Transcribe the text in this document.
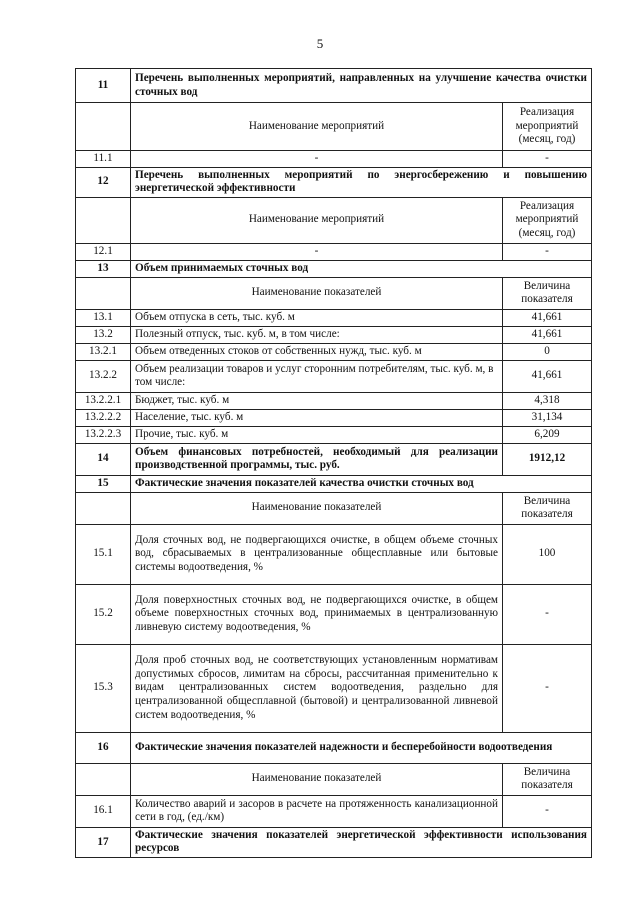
5
11	Перечень выполненных мероприятий, направленных на улучшение качества очистки сточных вод	
	Наименование мероприятий	Реализация мероприятий (месяц, год)
11.1	-	-
12	Перечень выполненных мероприятий по энергосбережению и повышению энергетической эффективности	
	Наименование мероприятий	Реализация мероприятий (месяц, год)
12.1	-	-
13	Объем принимаемых сточных вод	
	Наименование показателей	Величина показателя
13.1	Объем отпуска в сеть, тыс. куб. м	41,661
13.2	Полезный отпуск, тыс. куб. м, в том числе:	41,661
13.2.1	Объем отведенных стоков от собственных нужд, тыс. куб. м	0
13.2.2	Объем реализации товаров и услуг сторонним потребителям, тыс. куб. м, в том числе:	41,661
13.2.2.1	Бюджет, тыс. куб. м	4,318
13.2.2.2	Население, тыс. куб. м	31,134
13.2.2.3	Прочие, тыс. куб. м	6,209
14	Объем финансовых потребностей, необходимый для реализации производственной программы, тыс. руб.	1912,12
15	Фактические значения показателей качества очистки сточных вод	
	Наименование показателей	Величина показателя
15.1	Доля сточных вод, не подвергающихся очистке, в общем объеме сточных вод, сбрасываемых в централизованные общесплавные или бытовые системы водоотведения, %	100
15.2	Доля поверхностных сточных вод, не подвергающихся очистке, в общем объеме поверхностных сточных вод, принимаемых в централизованную ливневую систему водоотведения, %	-
15.3	Доля проб сточных вод, не соответствующих установленным нормативам допустимых сбросов, лимитам на сбросы, рассчитанная применительно к видам централизованных систем водоотведения, раздельно для централизованной общесплавной (бытовой) и централизованной ливневой систем водоотведения, %	-
16	Фактические значения показателей надежности и бесперебойности водоотведения	
	Наименование показателей	Величина показателя
16.1	Количество аварий и засоров в расчете на протяженность канализационной сети в год, (ед./км)	-
17	Фактические значения показателей энергетической эффективности использования ресурсов	
